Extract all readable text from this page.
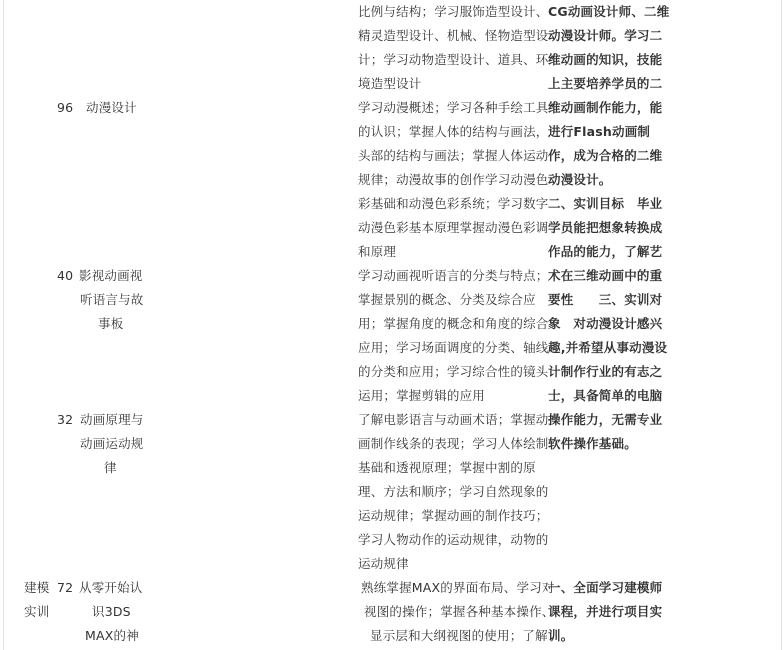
比例与结构；学习服饰造型设计、
精灵造型设计、机械、怪物造型设
计；学习动物造型设计、道具、环
境造型设计
96 动漫设计	学习动漫概述；学习各种手绘工具
的认识；掌握人体的结构与画法，
头部的结构与画法；掌握人体运动
规律；动漫故事的创作学习动漫色
彩基础和动漫色彩系统；学习数字
动漫色彩基本原理掌握动漫色彩调
和原理
40 影视动画视
听语言与故
事板
学习动画视听语言的分类与特点；
掌握景别的概念、分类及综合应
用；掌握角度的概念和角度的综合
应用；学习场面调度的分类、轴线
的分类和应用；学习综合性的镜头
运用；掌握剪辑的应用
32 动画原理与
动画运动规
律
了解电影语言与动画术语；掌握动
画制作线条的表现；学习人体绘制
基础和透视原理；掌握中割的原
理、方法和顺序；学习自然现象的
运动规律；掌握动画的制作技巧；
学习人物动作的运动规律，动物的
运动规律
建模
实训
72 从零开始认
识3DS
MAX的神
熟练掌握MAX的界面布局、学习对
视图的操作；掌握各种基本操作、
显示层和大纲视图的使用；了解
CG动画设计师、二维
动漫设计师。学习二
维动画的知识，技能
上主要培养学员的二
维动画制作能力，能
进行Flash动画制
作，成为合格的二维
动漫设计。
二、实训目标　毕业
学员能把想象转换成
作品的能力，了解艺
术在三维动画中的重
要性　　三、实训对
象　对动漫设计感兴
趣,并希望从事动漫设
计制作行业的有志之
士，具备简单的电脑
操作能力，无需专业
软件操作基础。
一、全面学习建模师
课程，并进行项目实
训。
